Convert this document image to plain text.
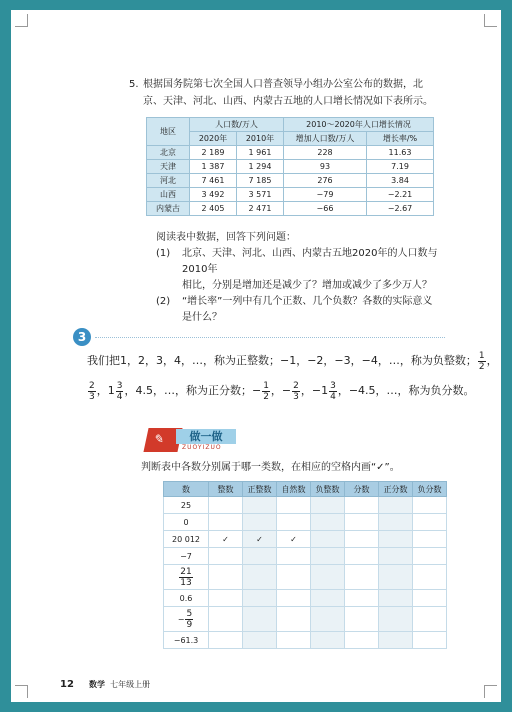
5. 根据国务院第七次全国人口普查领导小组办公室公布的数据，北
京、天津、河北、山西、内蒙古五地的人口增长情况如下表所示。
地区	人口数/万人		2010～2020年人口增长情况	
	2020年	2010年	增加人口数/万人	增长率/%
北京	2 189	1 961	228	11.63
天津	1 387	1 294	93	7.19
河北	7 461	7 185	276	3.84
山西	3 492	3 571	−79	−2.21
内蒙古	2 405	2 471	−66	−2.67
阅读表中数据，回答下列问题：
(1) 北京、天津、河北、山西、内蒙古五地2020年的人口数与2010年
相比，分别是增加还是减少了？增加或减少了多少万人？
(2) “增长率”一列中有几个正数、几个负数？各数的实际意义
是什么？
3
我们把1，2，3，4，…，称为正整数；−1，−2，−3，−4，…，称为负整数； $\frac{1}{2}$ ，
$\frac{2}{3}$ ，$1 \frac{3}{4}$ ，4.5，…，称为正分数；− $\frac{1}{2}$ ，− $\frac{2}{3}$ ，$-1 \frac{3}{4}$ ，−4.5，…，称为负分数。
✎	做一做
ZUOYIZUO
判断表中各数分别属于哪一类数，在相应的空格内画“✓”。
数	整数	正整数	自然数	负整数	分数	正分数	负分数
25							
0							
20 012	✓	✓	✓				
−7							

$\frac{21}{13}$

0.6							
− $\frac{5}{9}$

−61.3							
12 数学 七年级上册
